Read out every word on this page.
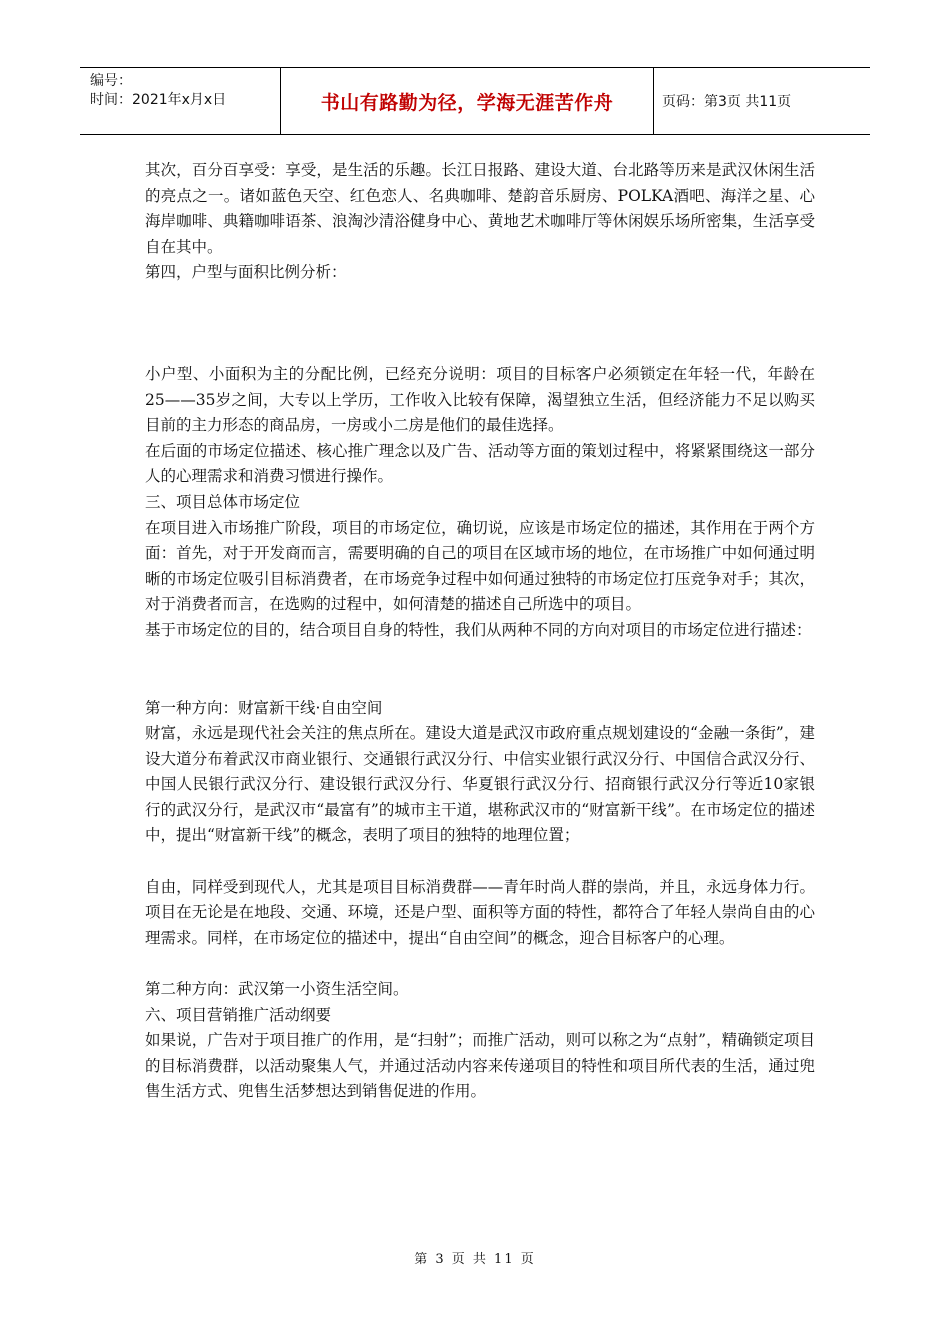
编号：
时间：2021年x月x日	书山有路勤为径，学海无涯苦作舟	页码：第3页 共11页

其次，百分百享受：享受，是生活的乐趣。长江日报路、建设大道、台北路等历来是武汉休闲生活的亮点之一。诸如蓝色天空、红色恋人、名典咖啡、楚韵音乐厨房、POLKA酒吧、海洋之星、心海岸咖啡、典籍咖啡语茶、浪淘沙清浴健身中心、黄地艺术咖啡厅等休闲娱乐场所密集，生活享受自在其中。

第四，户型与面积比例分析：

小户型、小面积为主的分配比例，已经充分说明：项目的目标客户必须锁定在年轻一代，年龄在25——35岁之间，大专以上学历，工作收入比较有保障，渴望独立生活，但经济能力不足以购买目前的主力形态的商品房，一房或小二房是他们的最佳选择。

在后面的市场定位描述、核心推广理念以及广告、活动等方面的策划过程中，将紧紧围绕这一部分人的心理需求和消费习惯进行操作。

三、项目总体市场定位

在项目进入市场推广阶段，项目的市场定位，确切说，应该是市场定位的描述，其作用在于两个方面：首先，对于开发商而言，需要明确的自己的项目在区域市场的地位，在市场推广中如何通过明晰的市场定位吸引目标消费者，在市场竞争过程中如何通过独特的市场定位打压竞争对手；其次，对于消费者而言，在选购的过程中，如何清楚的描述自己所选中的项目。

基于市场定位的目的，结合项目自身的特性，我们从两种不同的方向对项目的市场定位进行描述：

第一种方向：财富新干线·自由空间

财富，永远是现代社会关注的焦点所在。建设大道是武汉市政府重点规划建设的“金融一条街”，建设大道分布着武汉市商业银行、交通银行武汉分行、中信实业银行武汉分行、中国信合武汉分行、中国人民银行武汉分行、建设银行武汉分行、华夏银行武汉分行、招商银行武汉分行等近10家银行的武汉分行，是武汉市“最富有”的城市主干道，堪称武汉市的“财富新干线”。在市场定位的描述中，提出“财富新干线”的概念，表明了项目的独特的地理位置；

自由，同样受到现代人，尤其是项目目标消费群——青年时尚人群的崇尚，并且，永远身体力行。项目在无论是在地段、交通、环境，还是户型、面积等方面的特性，都符合了年轻人崇尚自由的心理需求。同样，在市场定位的描述中，提出“自由空间”的概念，迎合目标客户的心理。

第二种方向：武汉第一小资生活空间。

六、项目营销推广活动纲要

如果说，广告对于项目推广的作用，是“扫射”；而推广活动，则可以称之为“点射”，精确锁定项目的目标消费群，以活动聚集人气，并通过活动内容来传递项目的特性和项目所代表的生活，通过兜售生活方式、兜售生活梦想达到销售促进的作用。

第 3 页 共 11 页
